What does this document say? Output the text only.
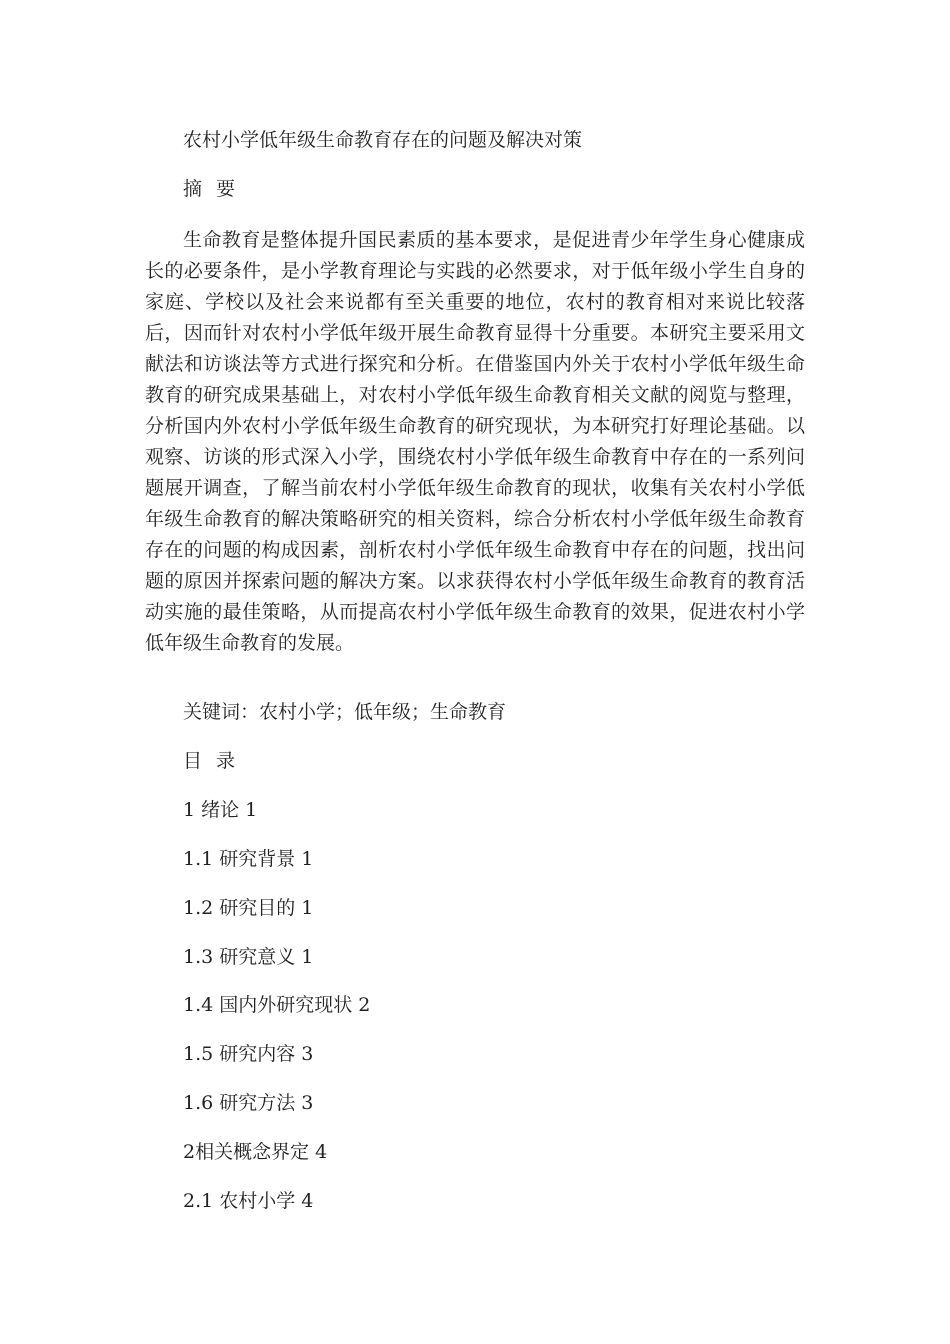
农村小学低年级生命教育存在的问题及解决对策
摘要

生命教育是整体提升国民素质的基本要求，是促进青少年学生身心健康成长的必要条件，是小学教育理论与实践的必然要求，对于低年级小学生自身的家庭、学校以及社会来说都有至关重要的地位，农村的教育相对来说比较落后，因而针对农村小学低年级开展生命教育显得十分重要。本研究主要采用文献法和访谈法等方式进行探究和分析。在借鉴国内外关于农村小学低年级生命教育的研究成果基础上，对农村小学低年级生命教育相关文献的阅览与整理，分析国内外农村小学低年级生命教育的研究现状，为本研究打好理论基础。以观察、访谈的形式深入小学，围绕农村小学低年级生命教育中存在的一系列问题展开调查，了解当前农村小学低年级生命教育的现状，收集有关农村小学低年级生命教育的解决策略研究的相关资料，综合分析农村小学低年级生命教育存在的问题的构成因素，剖析农村小学低年级生命教育中存在的问题，找出问题的原因并探索问题的解决方案。以求获得农村小学低年级生命教育的教育活动实施的最佳策略，从而提高农村小学低年级生命教育的效果，促进农村小学低年级生命教育的发展。

关键词：农村小学；低年级；生命教育
目录
1 绪论 1
1.1 研究背景 1
1.2 研究目的 1
1.3 研究意义 1
1.4 国内外研究现状 2
1.5 研究内容 3
1.6 研究方法 3
2相关概念界定 4
2.1 农村小学 4
